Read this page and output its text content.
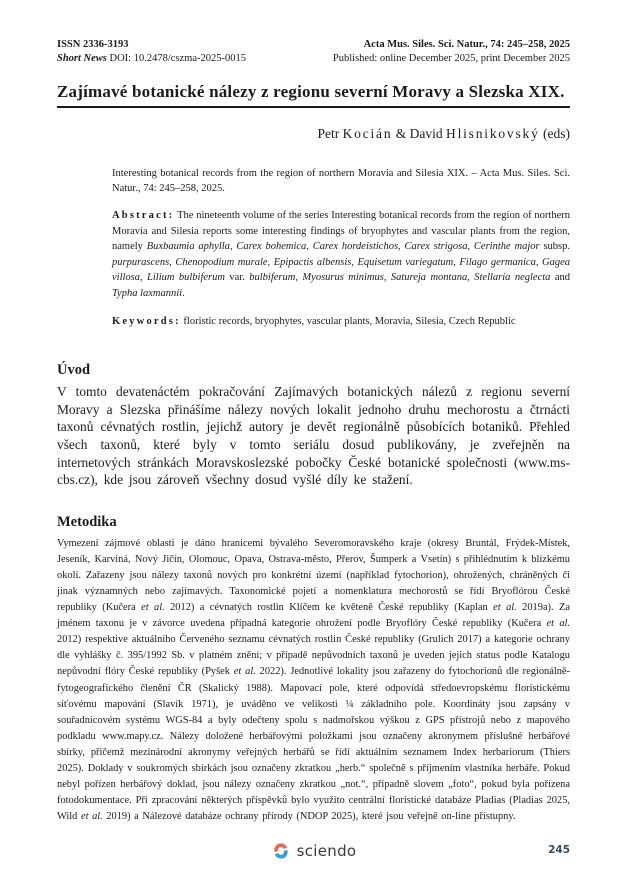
ISSN 2336-3193
Short News DOI: 10.2478/cszma-2025-0015
Acta Mus. Siles. Sci. Natur., 74: 245–258, 2025
Published: online December 2025, print December 2025
Zajímavé botanické nálezy z regionu severní Moravy a Slezska XIX.
Petr Kocián & David Hlisnikovský (eds)

Interesting botanical records from the region of northern Moravia and Silesia XIX. – Acta Mus. Siles. Sci. Natur., 74: 245–258, 2025.

Abstract: The nineteenth volume of the series Interesting botanical records from the region of northern Moravia and Silesia reports some interesting findings of bryophytes and vascular plants from the region, namely Buxbaumia aphylla, Carex bohemica, Carex hordeistichos, Carex strigosa, Cerinthe major subsp. purpurascens, Chenopodium murale, Epipactis albensis, Equisetum variegatum, Filago germanica, Gagea villosa, Lilium bulbiferum var. bulbiferum, Myosurus minimus, Satureja montana, Stellaria neglecta and Typha laxmannii.

Keywords: floristic records, bryophytes, vascular plants, Moravia, Silesia, Czech Republic

Úvod

V tomto devatenáctém pokračování Zajímavých botanických nálezů z regionu severní Moravy a Slezska přinášíme nálezy nových lokalit jednoho druhu mechorostu a čtrnácti taxonů cévnatých rostlin, jejichž autory je devět regionálně působících botaniků. Přehled všech taxonů, které byly v tomto seriálu dosud publikovány, je zveřejněn na internetových stránkách Moravskoslezské pobočky České botanické společnosti (www.ms-cbs.cz), kde jsou zároveň všechny dosud vyšlé díly ke stažení.

Metodika

Vymezení zájmové oblasti je dáno hranicemi bývalého Severomoravského kraje (okresy Bruntál, Frýdek-Místek, Jeseník, Karviná, Nový Jičín, Olomouc, Opava, Ostrava-město, Přerov, Šumperk a Vsetín) s přihlédnutím k blízkému okolí. Zařazeny jsou nálezy taxonů nových pro konkrétní území (například fytochorion), ohrožených, chráněných či jinak významných nebo zajímavých. Taxonomické pojetí a nomenklatura mechorostů se řídí Bryoflórou České republiky (Kučera et al. 2012) a cévnatých rostlin Klíčem ke květeně České republiky (Kaplan et al. 2019a). Za jménem taxonu je v závorce uvedena případná kategorie ohrožení podle Bryoflóry České republiky (Kučera et al. 2012) respektive aktuálního Červeného seznamu cévnatých rostlin České republiky (Grulich 2017) a kategorie ochrany dle vyhlášky č. 395/1992 Sb. v platném znění; v případě nepůvodních taxonů je uveden jejich status podle Katalogu nepůvodní flóry České republiky (Pyšek et al. 2022). Jednotlivé lokality jsou zařazeny do fytochorionů dle regionálně-fytogeografického členění ČR (Skalický 1988). Mapovací pole, které odpovídá středoevropskému floristickému síťovému mapování (Slavík 1971), je uváděno ve velikosti ¼ základního pole. Koordináty jsou zapsány v souřadnicovém systému WGS-84 a byly odečteny spolu s nadmořskou výškou z GPS přístrojů nebo z mapového podkladu www.mapy.cz. Nálezy doložené herbářovými položkami jsou označeny akronymem příslušné herbářové sbírky, přičemž mezinárodní akronymy veřejných herbářů se řídí aktuálním seznamem Index herbariorum (Thiers 2025). Doklady v soukromých sbírkách jsou označeny zkratkou „herb.“ společně s příjmením vlastníka herbáře. Pokud nebyl pořízen herbářový doklad, jsou nálezy označeny zkratkou „not.“, případně slovem „foto“, pokud byla pořízena fotodokumentace. Při zpracování některých příspěvků bylo využito centrální floristické databáze Pladias (Pladias 2025, Wild et al. 2019) a Nálezové databáze ochrany přírody (NDOP 2025), které jsou veřejně on-line přístupny.

sciendo	245
